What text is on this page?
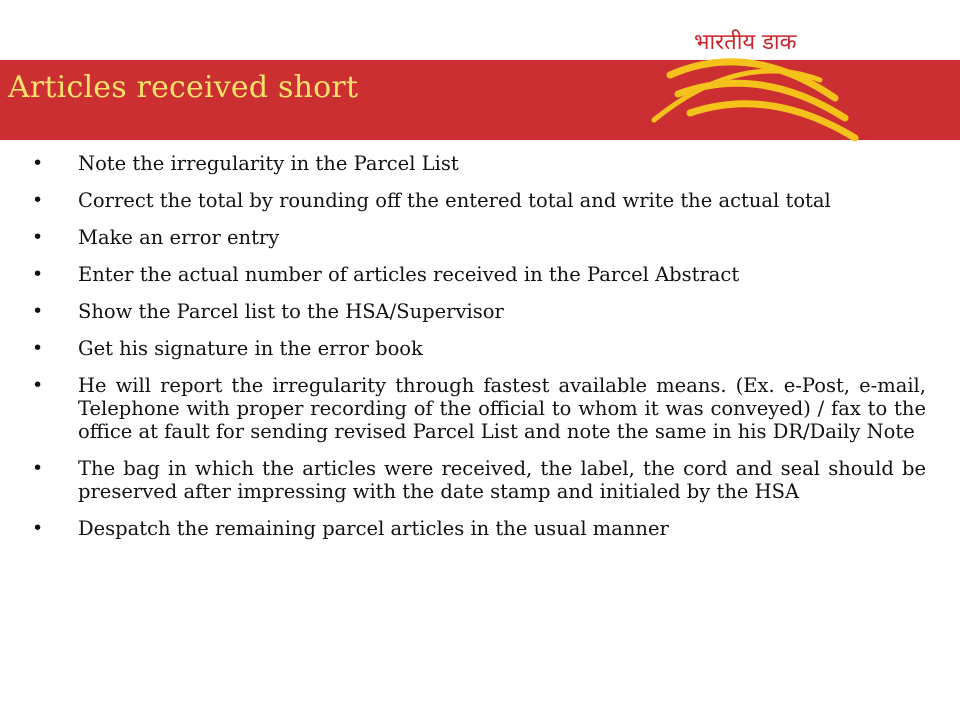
Articles received short
भारतीय डाक
• Note the irregularity in the Parcel List
• Correct the total by rounding off the entered total and write the actual total
• Make an error entry
• Enter the actual number of articles received in the Parcel Abstract
• Show the Parcel list to the HSA/Supervisor
• Get his signature in the error book
• He will report the irregularity through fastest available means. (Ex. e-Post, e-mail, Telephone with proper recording of the official to whom it was conveyed) / fax to the office at fault for sending revised Parcel List and note the same in his DR/Daily Note
• The bag in which the articles were received, the label, the cord and seal should be preserved after impressing with the date stamp and initialed by the HSA
• Despatch the remaining parcel articles in the usual manner
